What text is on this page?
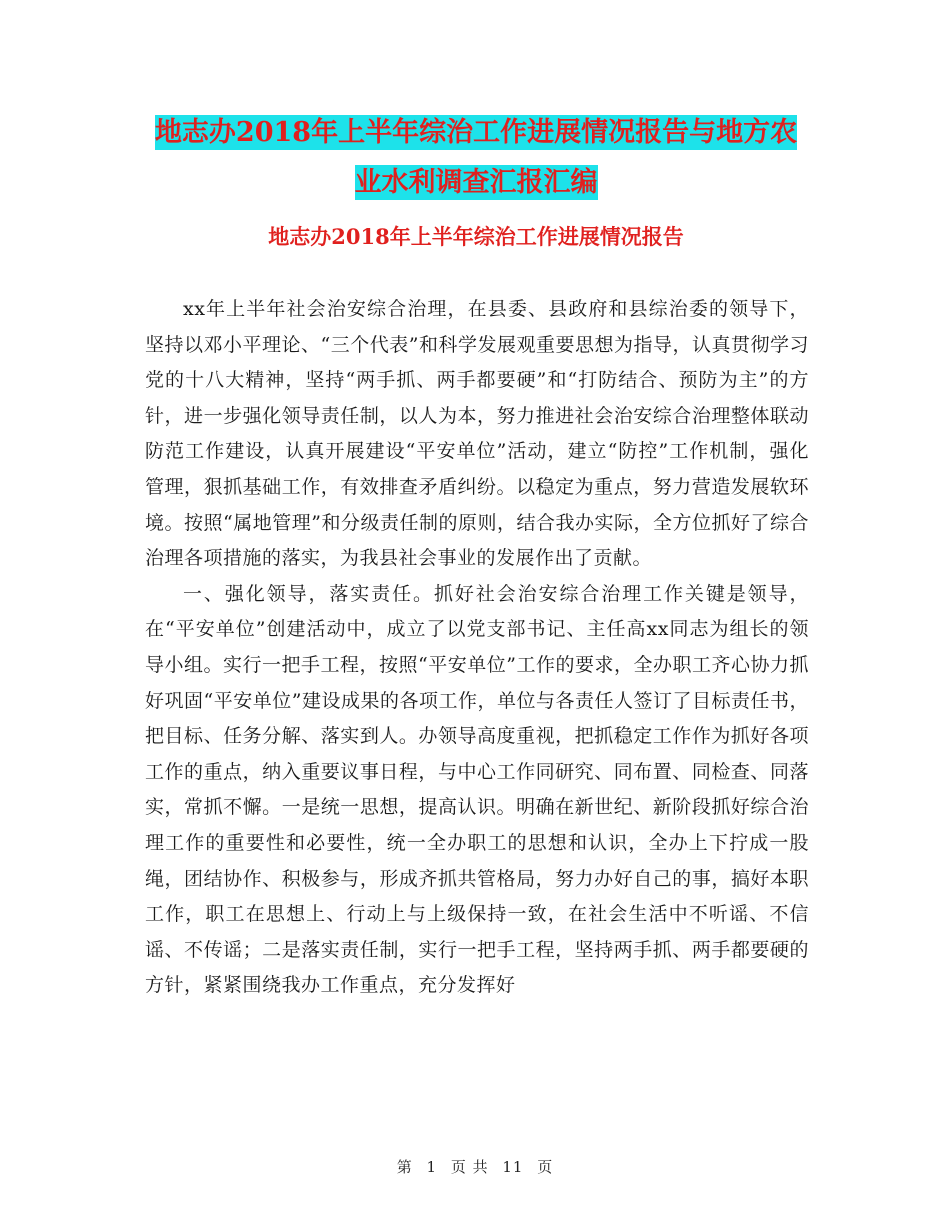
地志办2018年上半年综治工作进展情况报告与地方农
业水利调查汇报汇编
地志办2018年上半年综治工作进展情况报告

xx年上半年社会治安综合治理，在县委、县政府和县综治委的领导下，坚持以邓小平理论、“三个代表”和科学发展观重要思想为指导，认真贯彻学习党的十八大精神，坚持“两手抓、两手都要硬”和“打防结合、预防为主”的方针，进一步强化领导责任制，以人为本，努力推进社会治安综合治理整体联动防范工作建设，认真开展建设“平安单位”活动，建立“防控”工作机制，强化管理，狠抓基础工作，有效排查矛盾纠纷。以稳定为重点，努力营造发展软环境。按照“属地管理”和分级责任制的原则，结合我办实际，全方位抓好了综合治理各项措施的落实，为我县社会事业的发展作出了贡献。

一、强化领导，落实责任。抓好社会治安综合治理工作关键是领导，在“平安单位”创建活动中，成立了以党支部书记、主任高xx同志为组长的领导小组。实行一把手工程，按照“平安单位”工作的要求，全办职工齐心协力抓好巩固“平安单位”建设成果的各项工作，单位与各责任人签订了目标责任书，把目标、任务分解、落实到人。办领导高度重视，把抓稳定工作作为抓好各项工作的重点，纳入重要议事日程，与中心工作同研究、同布置、同检查、同落实，常抓不懈。一是统一思想，提高认识。明确在新世纪、新阶段抓好综合治理工作的重要性和必要性，统一全办职工的思想和认识，全办上下拧成一股绳，团结协作、积极参与，形成齐抓共管格局，努力办好自己的事，搞好本职工作，职工在思想上、行动上与上级保持一致，在社会生活中不听谣、不信谣、不传谣；二是落实责任制，实行一把手工程，坚持两手抓、两手都要硬的方针，紧紧围绕我办工作重点，充分发挥好

第 1 页 共 11 页
